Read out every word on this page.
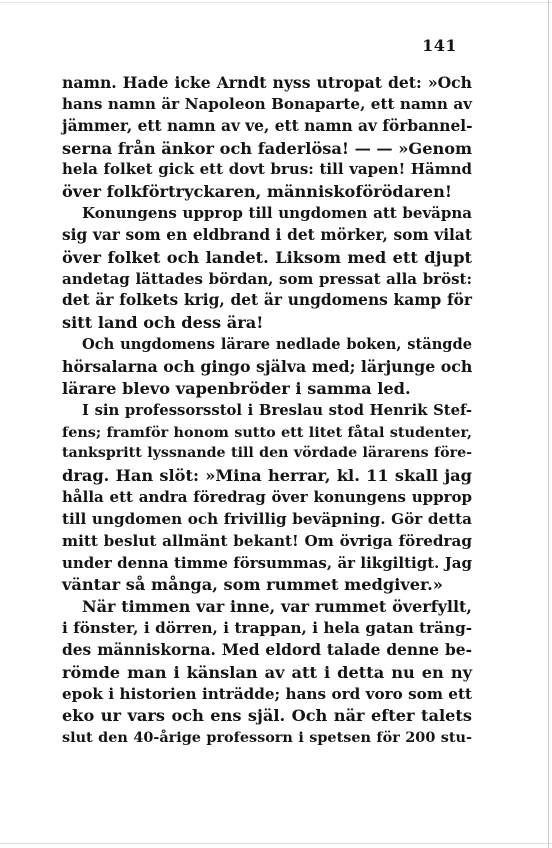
141
namn. Hade icke Arndt nyss utropat det: »Och
hans namn är Napoleon Bonaparte, ett namn av
jämmer, ett namn av ve, ett namn av förbannel-
serna från änkor och faderlösa! — — »Genom
hela folket gick ett dovt brus: till vapen! Hämnd
över folkförtryckaren, människoförödaren!
Konungens upprop till ungdomen att beväpna
sig var som en eldbrand i det mörker, som vilat
över folket och landet. Liksom med ett djupt
andetag lättades bördan, som pressat alla bröst:
det är folkets krig, det är ungdomens kamp för
sitt land och dess ära!
Och ungdomens lärare nedlade boken, stängde
hörsalarna och gingo själva med; lärjunge och
lärare blevo vapenbröder i samma led.
I sin professorsstol i Breslau stod Henrik Stef-
fens; framför honom sutto ett litet fåtal studenter,
tankspritt lyssnande till den vördade lärarens före-
drag. Han slöt: »Mina herrar, kl. 11 skall jag
hålla ett andra föredrag över konungens upprop
till ungdomen och frivillig beväpning. Gör detta
mitt beslut allmänt bekant! Om övriga föredrag
under denna timme försummas, är likgiltigt. Jag
väntar så många, som rummet medgiver.»
När timmen var inne, var rummet överfyllt,
i fönster, i dörren, i trappan, i hela gatan träng-
des människorna. Med eldord talade denne be-
römde man i känslan av att i detta nu en ny
epok i historien inträdde; hans ord voro som ett
eko ur vars och ens själ. Och när efter talets
slut den 40-årige professorn i spetsen för 200 stu-
